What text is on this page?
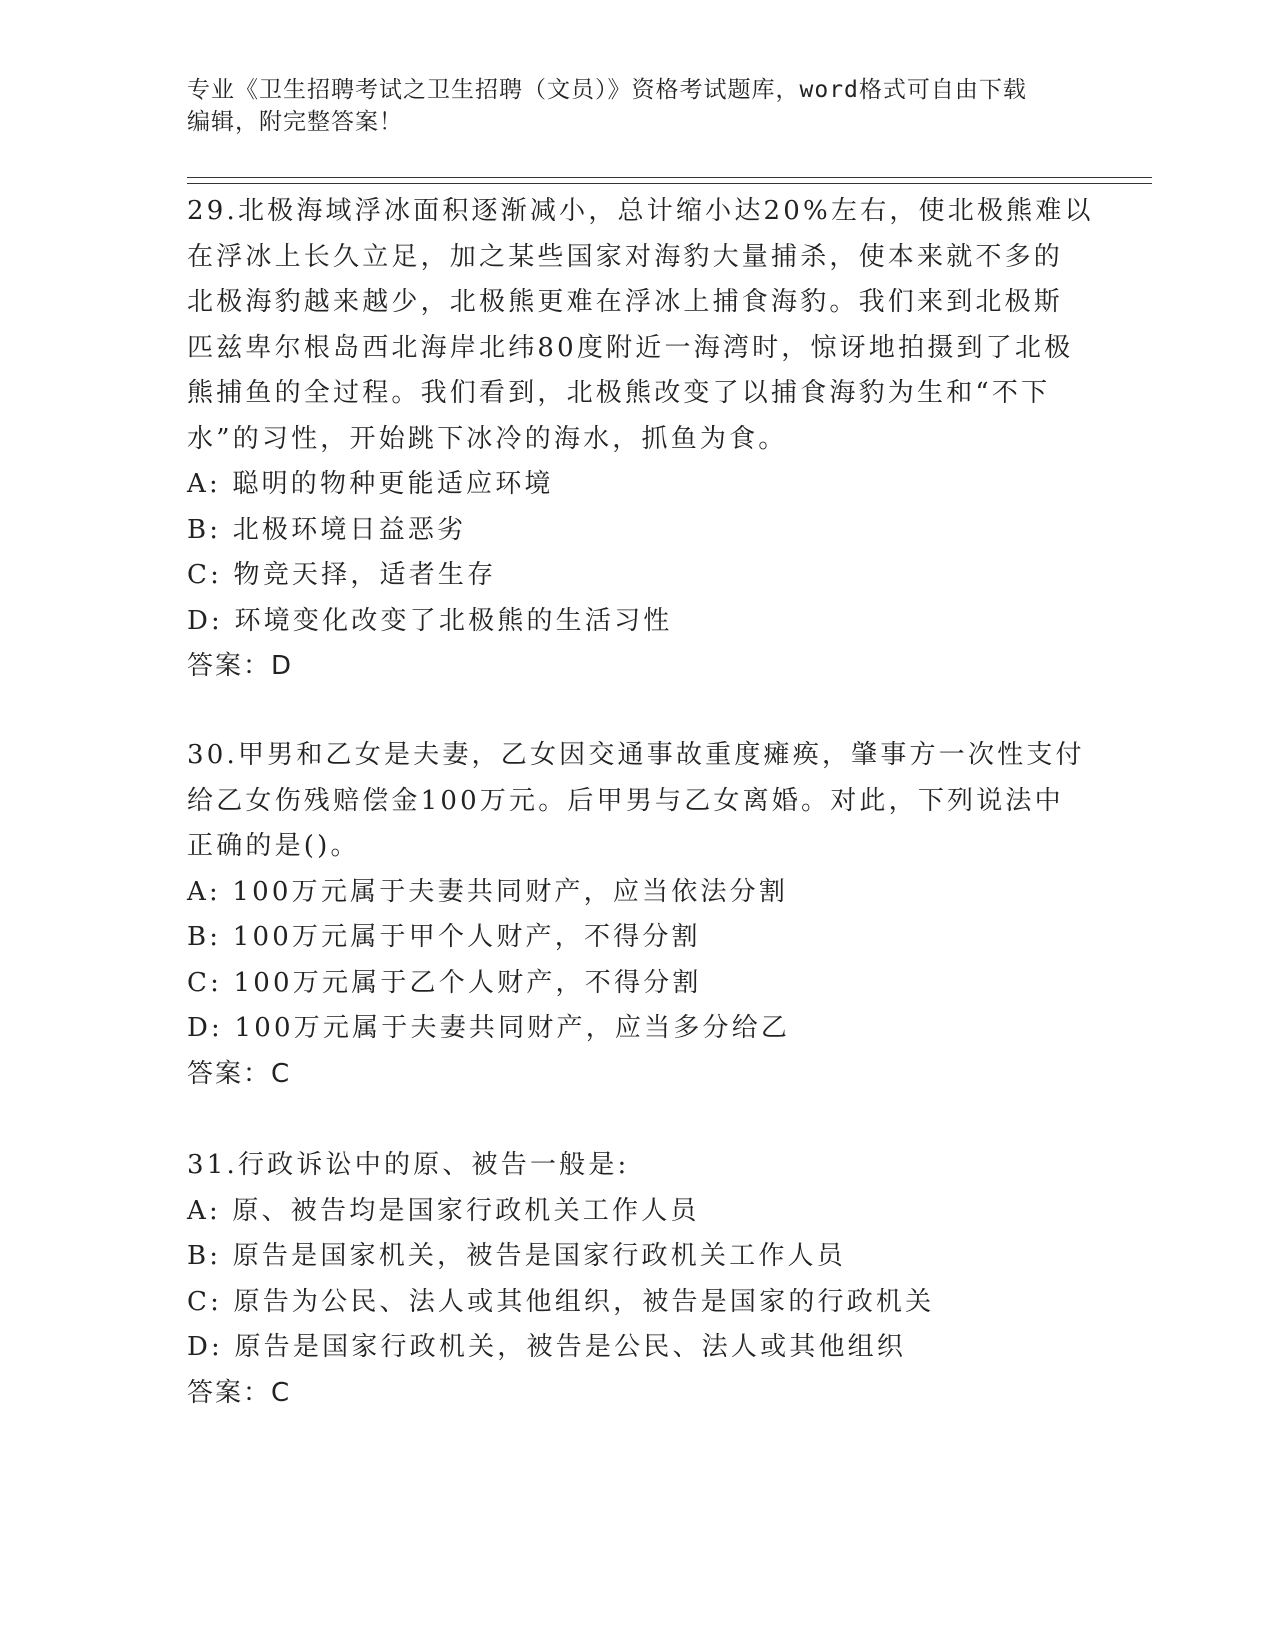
专业《卫生招聘考试之卫生招聘（文员）》资格考试题库，word格式可自由下载
编辑，附完整答案！
29.北极海域浮冰面积逐渐减小，总计缩小达20%左右，使北极熊难以
在浮冰上长久立足，加之某些国家对海豹大量捕杀，使本来就不多的
北极海豹越来越少，北极熊更难在浮冰上捕食海豹。我们来到北极斯
匹兹卑尔根岛西北海岸北纬80度附近一海湾时，惊讶地拍摄到了北极
熊捕鱼的全过程。我们看到，北极熊改变了以捕食海豹为生和“不下
水”的习性，开始跳下冰冷的海水，抓鱼为食。
A: 聪明的物种更能适应环境
B: 北极环境日益恶劣
C: 物竞天择，适者生存
D: 环境变化改变了北极熊的生活习性
答案：D
30.甲男和乙女是夫妻，乙女因交通事故重度瘫痪，肇事方一次性支付
给乙女伤残赔偿金100万元。后甲男与乙女离婚。对此，下列说法中
正确的是()。
A: 100万元属于夫妻共同财产，应当依法分割
B: 100万元属于甲个人财产，不得分割
C: 100万元属于乙个人财产，不得分割
D: 100万元属于夫妻共同财产，应当多分给乙
答案：C
31.行政诉讼中的原、被告一般是:
A: 原、被告均是国家行政机关工作人员
B: 原告是国家机关，被告是国家行政机关工作人员
C: 原告为公民、法人或其他组织，被告是国家的行政机关
D: 原告是国家行政机关，被告是公民、法人或其他组织
答案：C
